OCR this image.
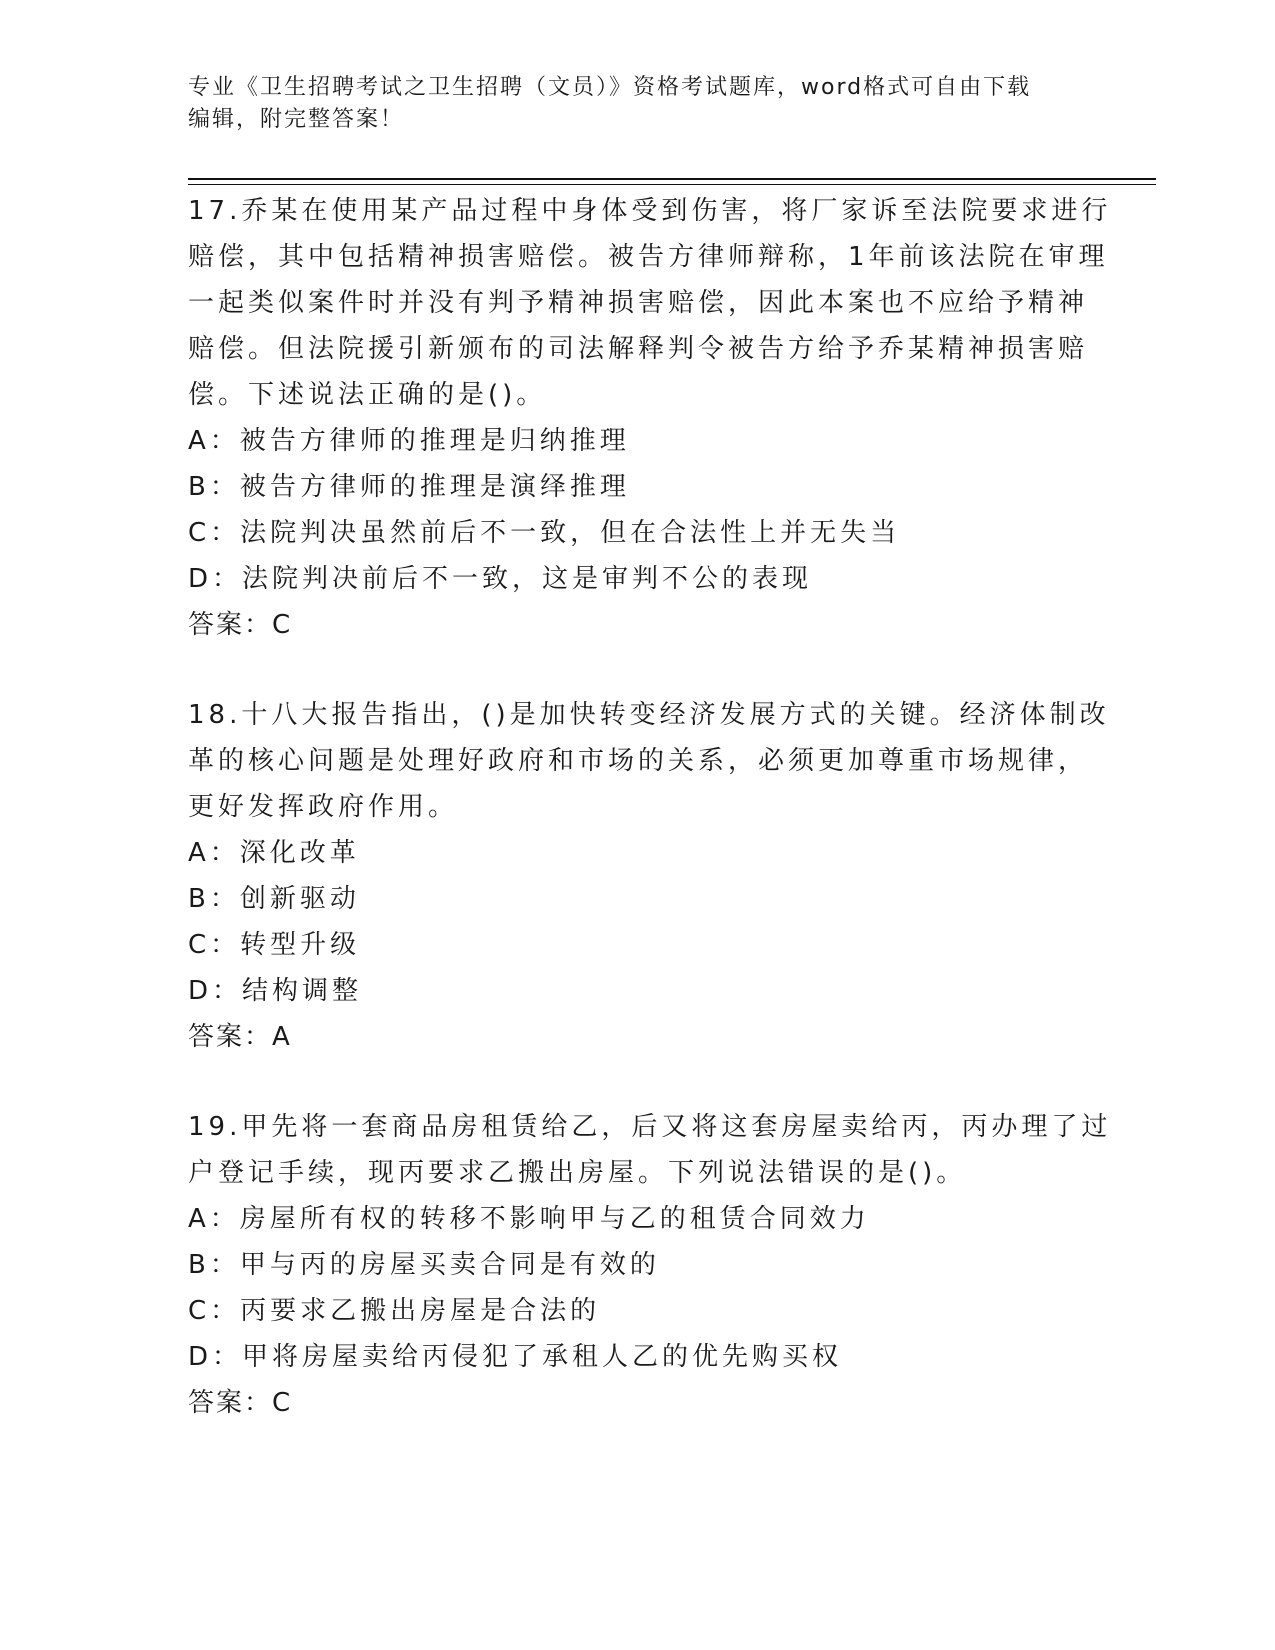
专业《卫生招聘考试之卫生招聘（文员）》资格考试题库，word格式可自由下载
编辑，附完整答案！
17.乔某在使用某产品过程中身体受到伤害，将厂家诉至法院要求进行
赔偿，其中包括精神损害赔偿。被告方律师辩称，1年前该法院在审理
一起类似案件时并没有判予精神损害赔偿，因此本案也不应给予精神
赔偿。但法院援引新颁布的司法解释判令被告方给予乔某精神损害赔
偿。下述说法正确的是()。
A：被告方律师的推理是归纳推理
B：被告方律师的推理是演绎推理
C：法院判决虽然前后不一致，但在合法性上并无失当
D：法院判决前后不一致，这是审判不公的表现
答案：C
18.十八大报告指出，()是加快转变经济发展方式的关键。经济体制改
革的核心问题是处理好政府和市场的关系，必须更加尊重市场规律，
更好发挥政府作用。
A：深化改革
B：创新驱动
C：转型升级
D：结构调整
答案：A
19.甲先将一套商品房租赁给乙，后又将这套房屋卖给丙，丙办理了过
户登记手续，现丙要求乙搬出房屋。下列说法错误的是()。
A：房屋所有权的转移不影响甲与乙的租赁合同效力
B：甲与丙的房屋买卖合同是有效的
C：丙要求乙搬出房屋是合法的
D：甲将房屋卖给丙侵犯了承租人乙的优先购买权
答案：C
